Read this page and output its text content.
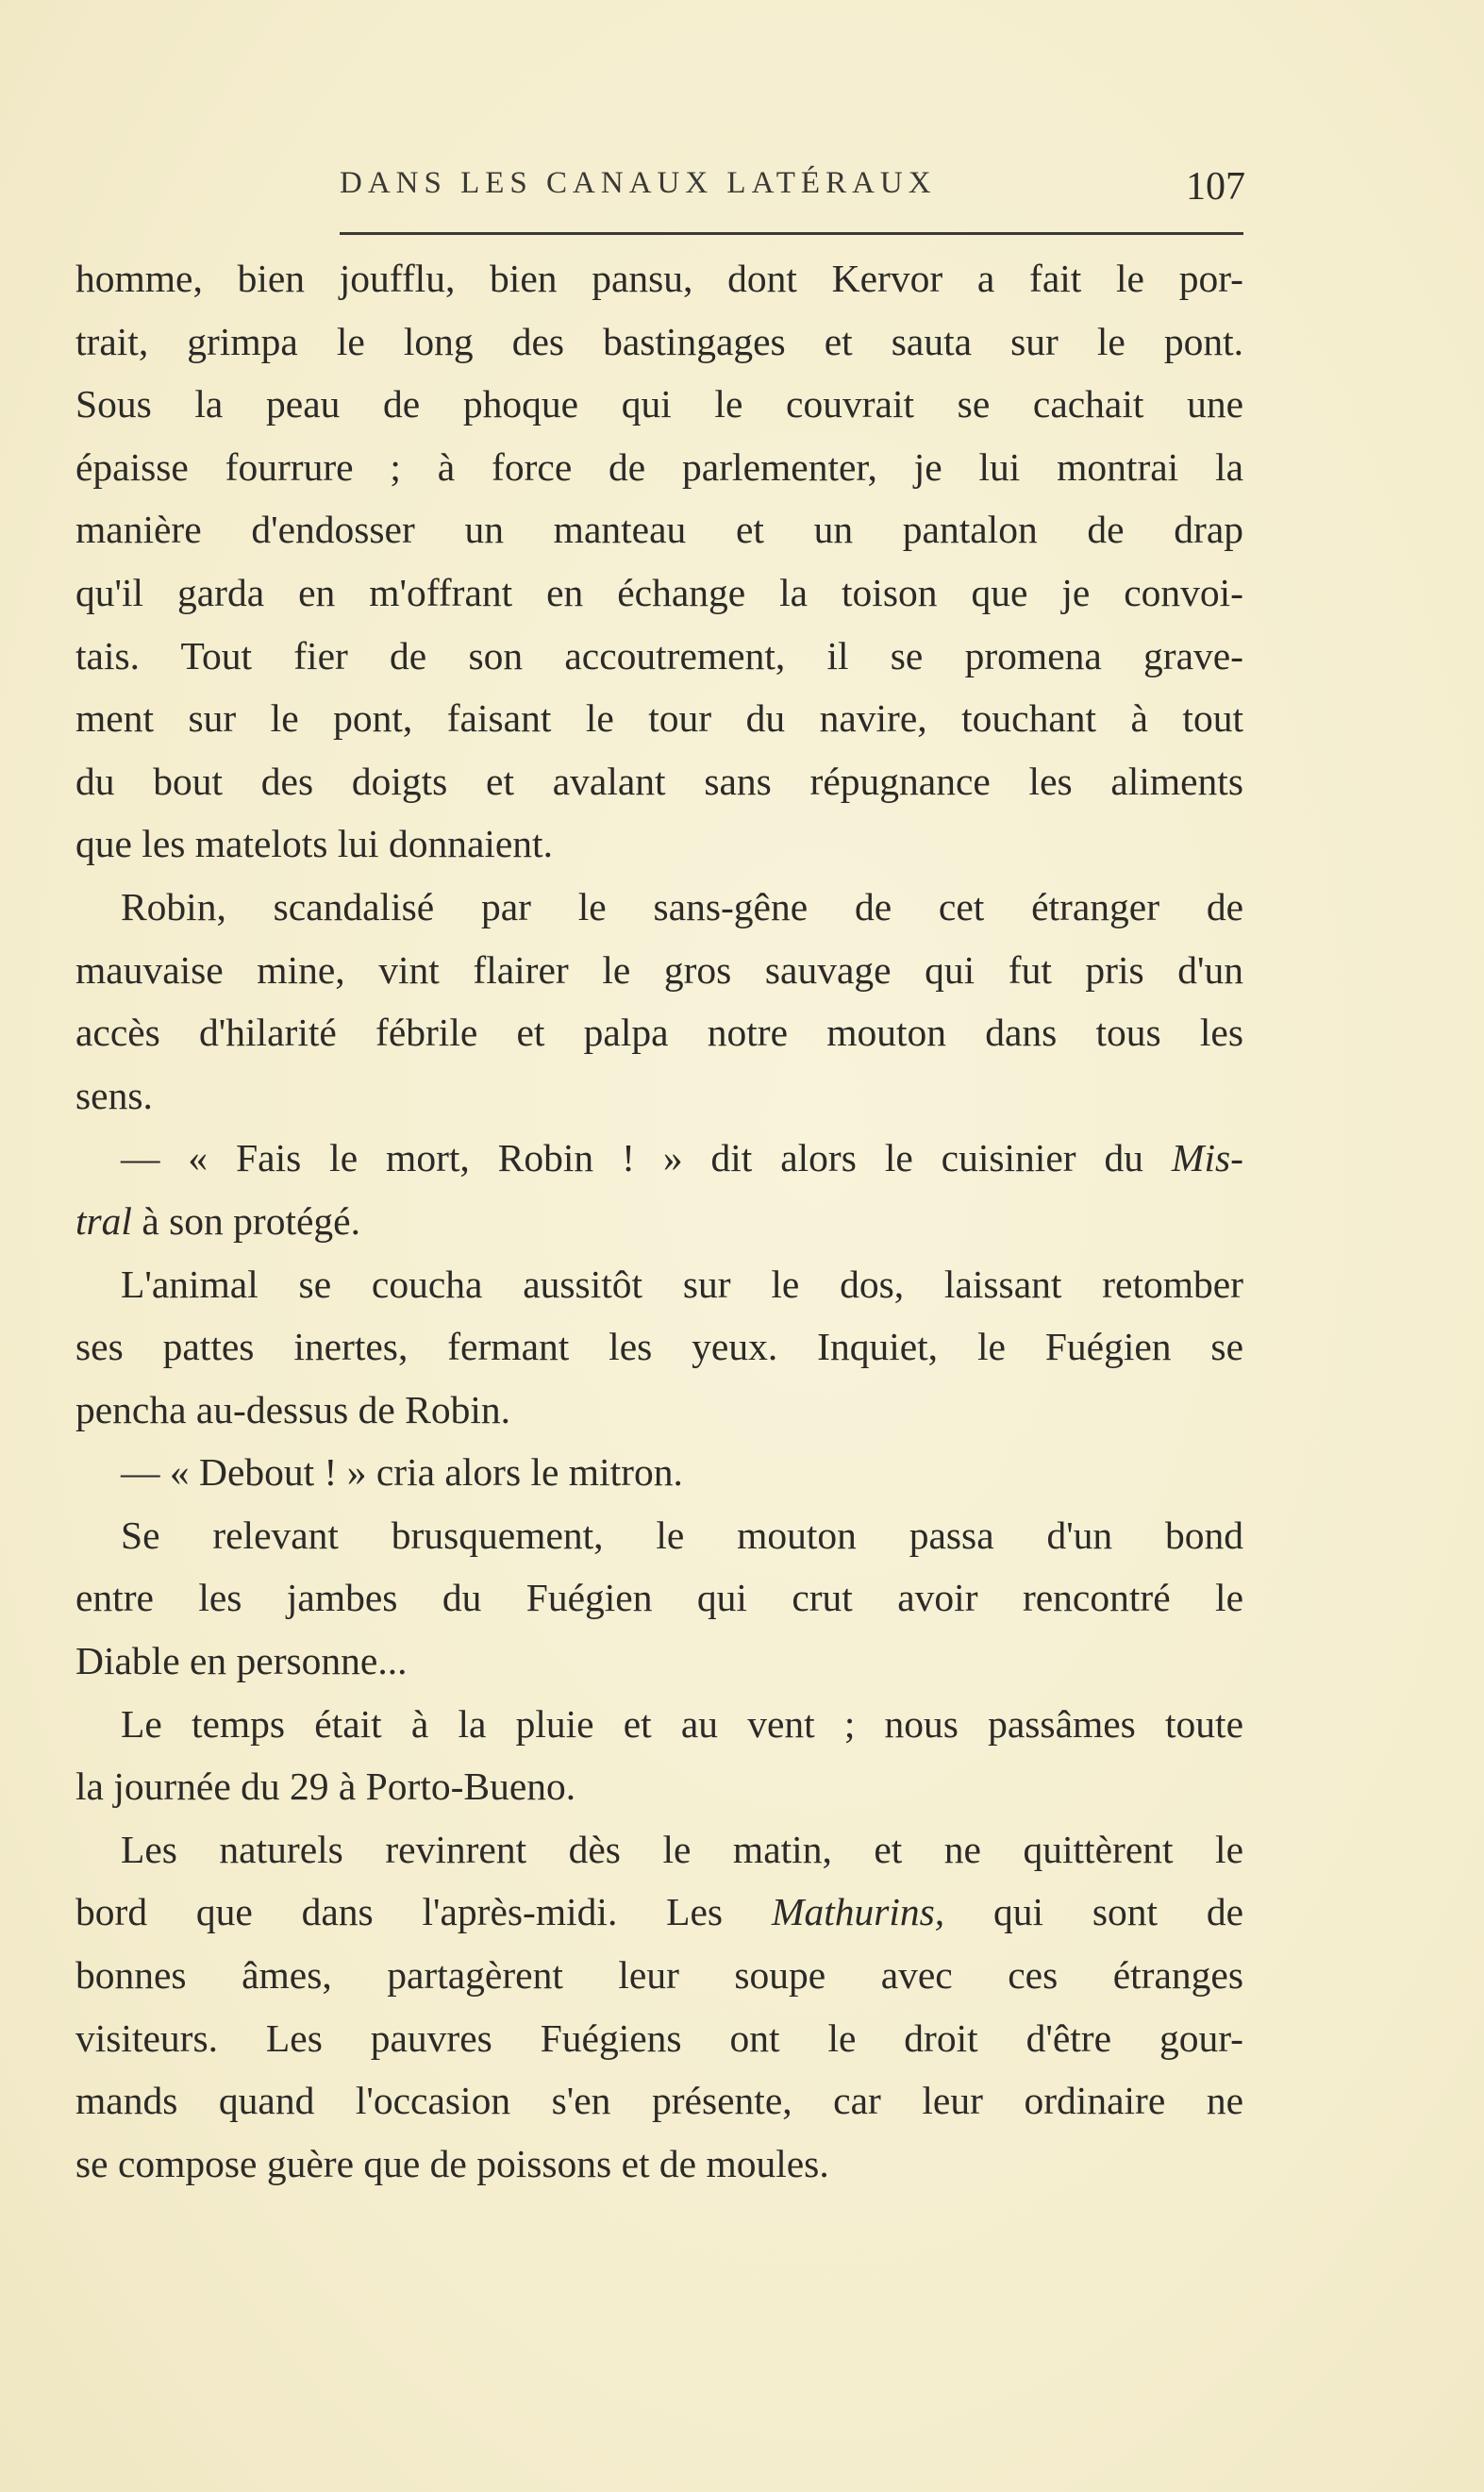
DANS LES CANAUX LATÉRAUX	107
homme, bien joufflu, bien pansu, dont Kervor a fait le por-
trait, grimpa le long des bastingages et sauta sur le pont.
Sous la peau de phoque qui le couvrait se cachait une
épaisse fourrure ; à force de parlementer, je lui montrai la
manière d'endosser un manteau et un pantalon de drap
qu'il garda en m'offrant en échange la toison que je convoi-
tais. Tout fier de son accoutrement, il se promena grave-
ment sur le pont, faisant le tour du navire, touchant à tout
du bout des doigts et avalant sans répugnance les aliments
que les matelots lui donnaient.
Robin, scandalisé par le sans-gêne de cet étranger de
mauvaise mine, vint flairer le gros sauvage qui fut pris d'un
accès d'hilarité fébrile et palpa notre mouton dans tous les
sens.
— « Fais le mort, Robin ! » dit alors le cuisinier du Mis-
tral à son protégé.
L'animal se coucha aussitôt sur le dos, laissant retomber
ses pattes inertes, fermant les yeux. Inquiet, le Fuégien se
pencha au-dessus de Robin.
— « Debout ! » cria alors le mitron.
Se relevant brusquement, le mouton passa d'un bond
entre les jambes du Fuégien qui crut avoir rencontré le
Diable en personne...
Le temps était à la pluie et au vent ; nous passâmes toute
la journée du 29 à Porto-Bueno.
Les naturels revinrent dès le matin, et ne quittèrent le
bord que dans l'après-midi. Les Mathurins, qui sont de
bonnes âmes, partagèrent leur soupe avec ces étranges
visiteurs. Les pauvres Fuégiens ont le droit d'être gour-
mands quand l'occasion s'en présente, car leur ordinaire ne
se compose guère que de poissons et de moules.
